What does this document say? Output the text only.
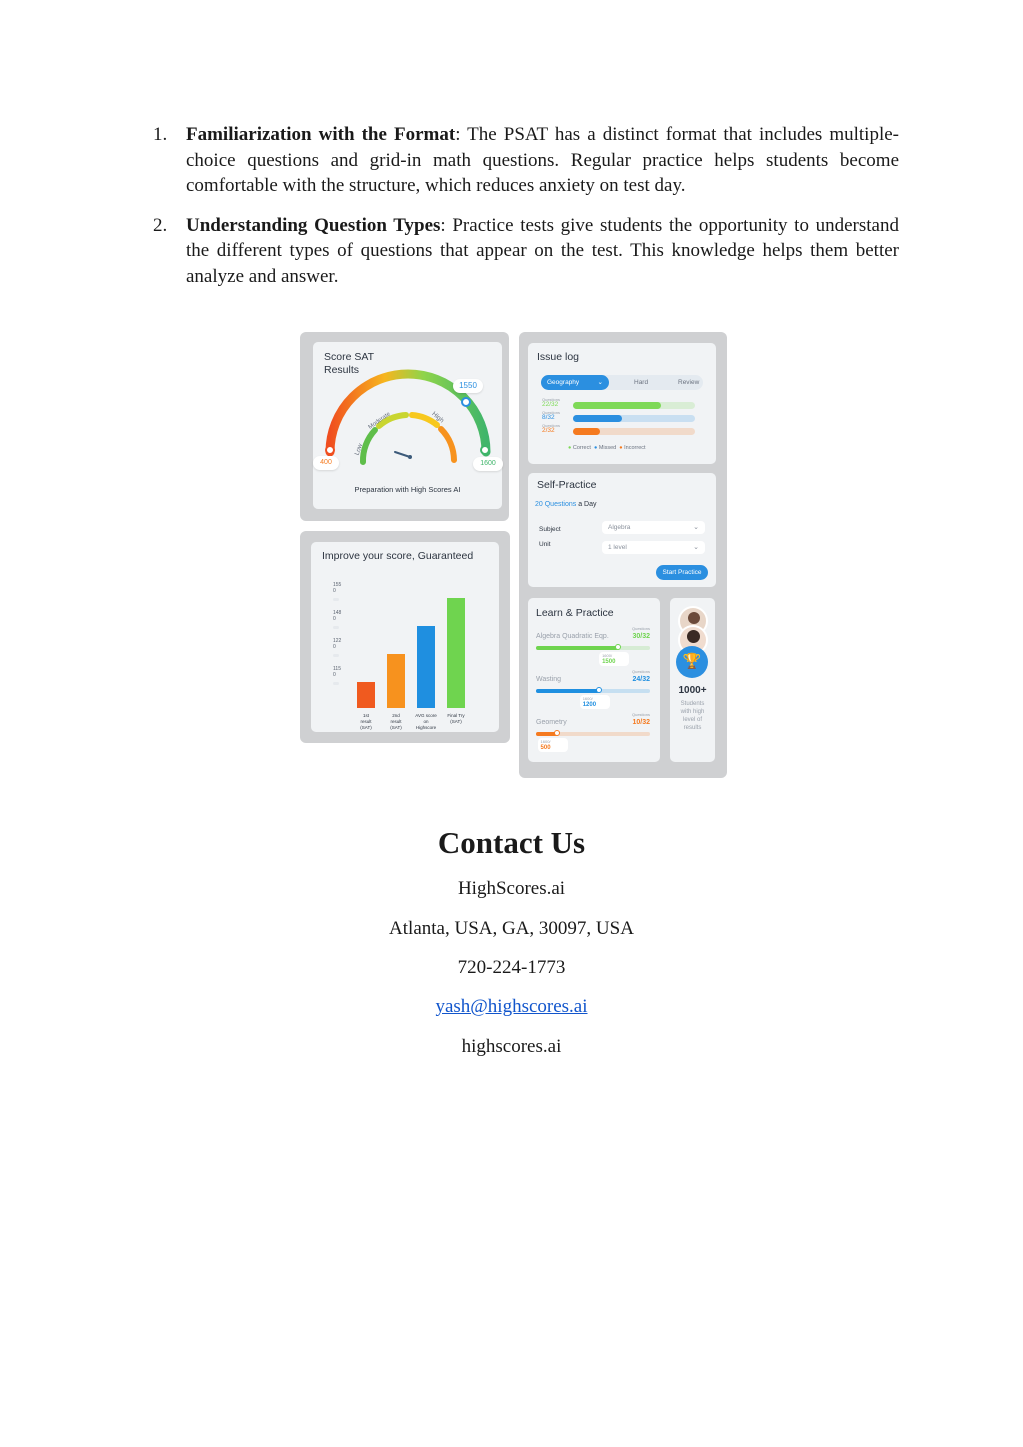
1. Familiarization with the Format: The PSAT has a distinct format that includes multiple-choice questions and grid-in math questions. Regular practice helps students become comfortable with the structure, which reduces anxiety on test day.
2. Understanding Question Types: Practice tests give students the opportunity to understand the different types of questions that appear on the test. This knowledge helps them better analyze and answer.
Score SAT
Results
Low
Moderate	High
1550
400	1600
Preparation with High Scores AI
Improve your score, Guaranteed
155
0
148
0
122
0
115
0
1st
result
(SAT)
2nd
result
(SAT)
AVG score
on
Highscore
Final Try
(SAT)
Issue log
Geography	⌄	Hard	Review
Questions
22/32
Questions
8/32
Questions
2/32
● Correct ● Missed ● Incorrect
Self-Practice
20 Questions a Day
Subject	Algebra	⌄
Unit	1 level	⌄
Start Practice
Learn & Practice
Questions
Algebra Quadratic Eqp.	30/32
1600/
1500
Questions
Wasting	24/32
1600/
1200
Questions
Geometry	10/32
1600/
500
🏆
1000+
Students with high level of results
Contact Us
HighScores.ai
Atlanta, USA, GA, 30097, USA
720-224-1773
yash@highscores.ai
highscores.ai
